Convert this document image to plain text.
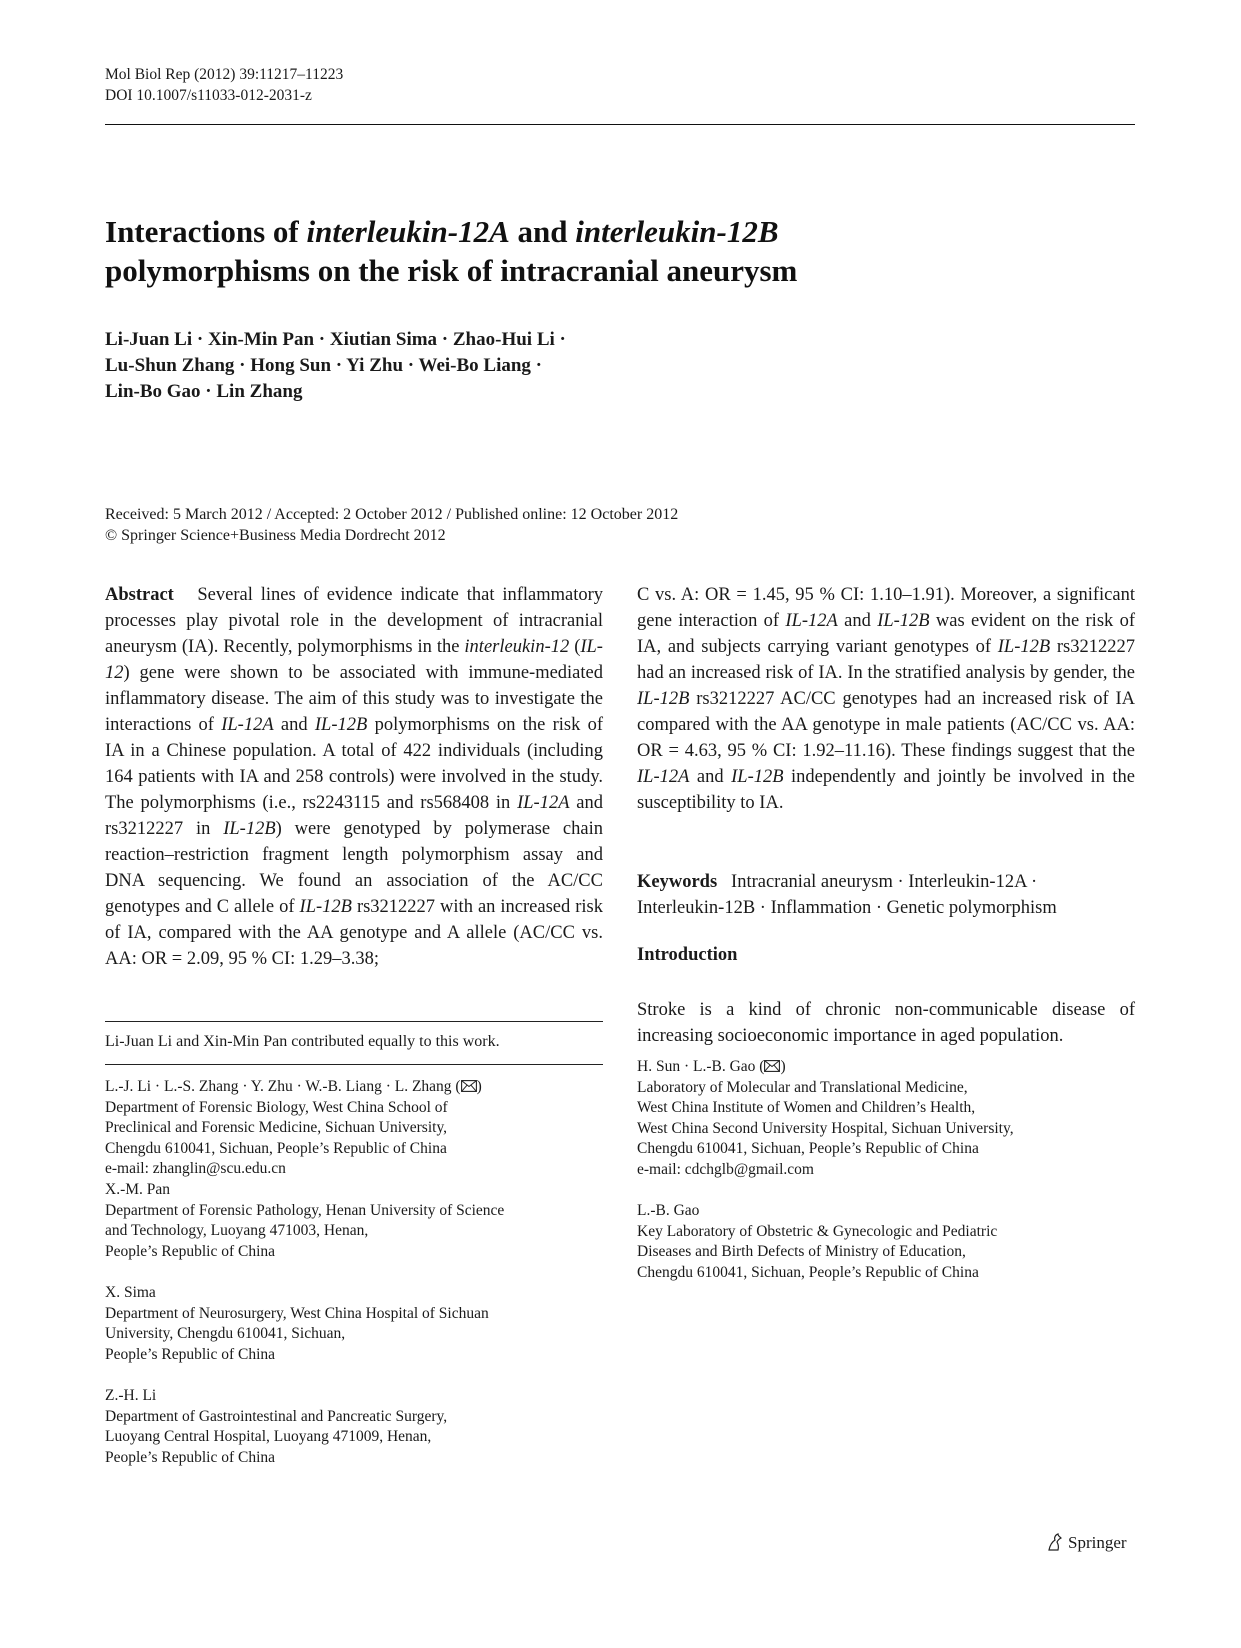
Mol Biol Rep (2012) 39:11217–11223
DOI 10.1007/s11033-012-2031-z
Interactions of interleukin-12A and interleukin-12B
polymorphisms on the risk of intracranial aneurysm
Li-Juan Li · Xin-Min Pan · Xiutian Sima · Zhao-Hui Li ·
Lu-Shun Zhang · Hong Sun · Yi Zhu · Wei-Bo Liang ·
Lin-Bo Gao · Lin Zhang
Received: 5 March 2012 / Accepted: 2 October 2012 / Published online: 12 October 2012
© Springer Science+Business Media Dordrecht 2012
Abstract Several lines of evidence indicate that inflammatory processes play pivotal role in the development of intracranial aneurysm (IA). Recently, polymorphisms in the interleukin-12 (IL-12) gene were shown to be associated with immune-mediated inflammatory disease. The aim of this study was to investigate the interactions of IL-12A and IL-12B polymorphisms on the risk of IA in a Chinese population. A total of 422 individuals (including 164 patients with IA and 258 controls) were involved in the study. The polymorphisms (i.e., rs2243115 and rs568408 in IL-12A and rs3212227 in IL-12B) were genotyped by polymerase chain reaction–restriction fragment length polymorphism assay and DNA sequencing. We found an association of the AC/CC genotypes and C allele of IL-12B rs3212227 with an increased risk of IA, compared with the AA genotype and A allele (AC/CC vs. AA: OR = 2.09, 95 % CI: 1.29–3.38;
C vs. A: OR = 1.45, 95 % CI: 1.10–1.91). Moreover, a significant gene interaction of IL-12A and IL-12B was evident on the risk of IA, and subjects carrying variant genotypes of IL-12B rs3212227 had an increased risk of IA. In the stratified analysis by gender, the IL-12B rs3212227 AC/CC genotypes had an increased risk of IA compared with the AA genotype in male patients (AC/CC vs. AA: OR = 4.63, 95 % CI: 1.92–11.16). These findings suggest that the IL-12A and IL-12B independently and jointly be involved in the susceptibility to IA.
Keywords Intracranial aneurysm · Interleukin-12A ·
Interleukin-12B · Inflammation · Genetic polymorphism
Introduction
Stroke is a kind of chronic non-communicable disease of increasing socioeconomic importance in aged population.
Li-Juan Li and Xin-Min Pan contributed equally to this work.
L.-J. Li · L.-S. Zhang · Y. Zhu · W.-B. Liang · L. Zhang ( )
Department of Forensic Biology, West China School of
Preclinical and Forensic Medicine, Sichuan University,
Chengdu 610041, Sichuan, People’s Republic of China
e-mail: zhanglin@scu.edu.cn
X.-M. Pan
Department of Forensic Pathology, Henan University of Science
and Technology, Luoyang 471003, Henan,
People’s Republic of China
X. Sima
Department of Neurosurgery, West China Hospital of Sichuan
University, Chengdu 610041, Sichuan,
People’s Republic of China
Z.-H. Li
Department of Gastrointestinal and Pancreatic Surgery,
Luoyang Central Hospital, Luoyang 471009, Henan,
People’s Republic of China
H. Sun · L.-B. Gao ( )
Laboratory of Molecular and Translational Medicine,
West China Institute of Women and Children’s Health,
West China Second University Hospital, Sichuan University,
Chengdu 610041, Sichuan, People’s Republic of China
e-mail: cdchglb@gmail.com
L.-B. Gao
Key Laboratory of Obstetric & Gynecologic and Pediatric
Diseases and Birth Defects of Ministry of Education,
Chengdu 610041, Sichuan, People’s Republic of China
Springer
